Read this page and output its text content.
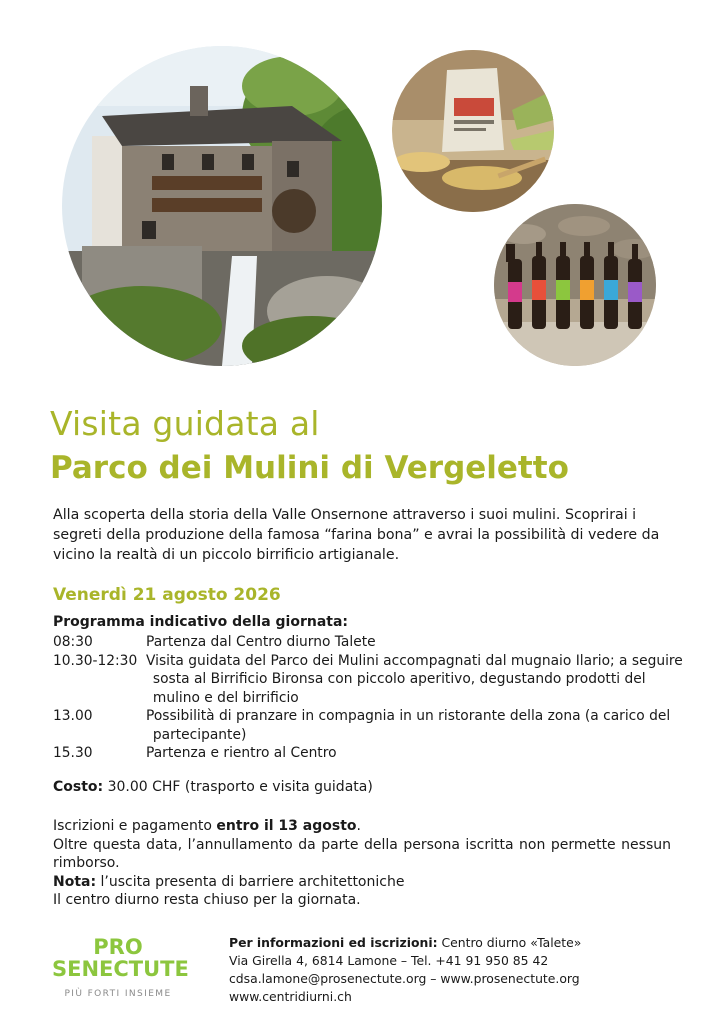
Visita guidata al
Parco dei Mulini di Vergeletto

Alla scoperta della storia della Valle Onsernone attraverso i suoi mulini. Scoprirai i segreti della produzione della famosa “farina bona” e avrai la possibilità di vedere da vicino la realtà di un piccolo birrificio artigianale.

Venerdì 21 agosto 2026
Programma indicativo della giornata:
08:30	Partenza dal Centro diurno Talete
10.30-12:30 Visita guidata del Parco dei Mulini accompagnati dal mugnaio Ilario; a seguire sosta al Birrificio Bironsa con piccolo aperitivo, degustando prodotti del mulino e del birrificio
13.00	Possibilità di pranzare in compagnia in un ristorante della zona (a carico del partecipante)
15.30	Partenza e rientro al Centro
Costo: 30.00 CHF (trasporto e visita guidata)

Iscrizioni e pagamento entro il 13 agosto.

Oltre questa data, l’annullamento da parte della persona iscritta non permette nessun rimborso.

Nota: l’uscita presenta di barriere architettoniche

Il centro diurno resta chiuso per la giornata.

PRO
SENECTUTE
PIÙ FORTI INSIEME
Per informazioni ed iscrizioni: Centro diurno «Talete»
Via Girella 4, 6814 Lamone – Tel. +41 91 950 85 42
cdsa.lamone@prosenectute.org – www.prosenectute.org
www.centridiurni.ch
